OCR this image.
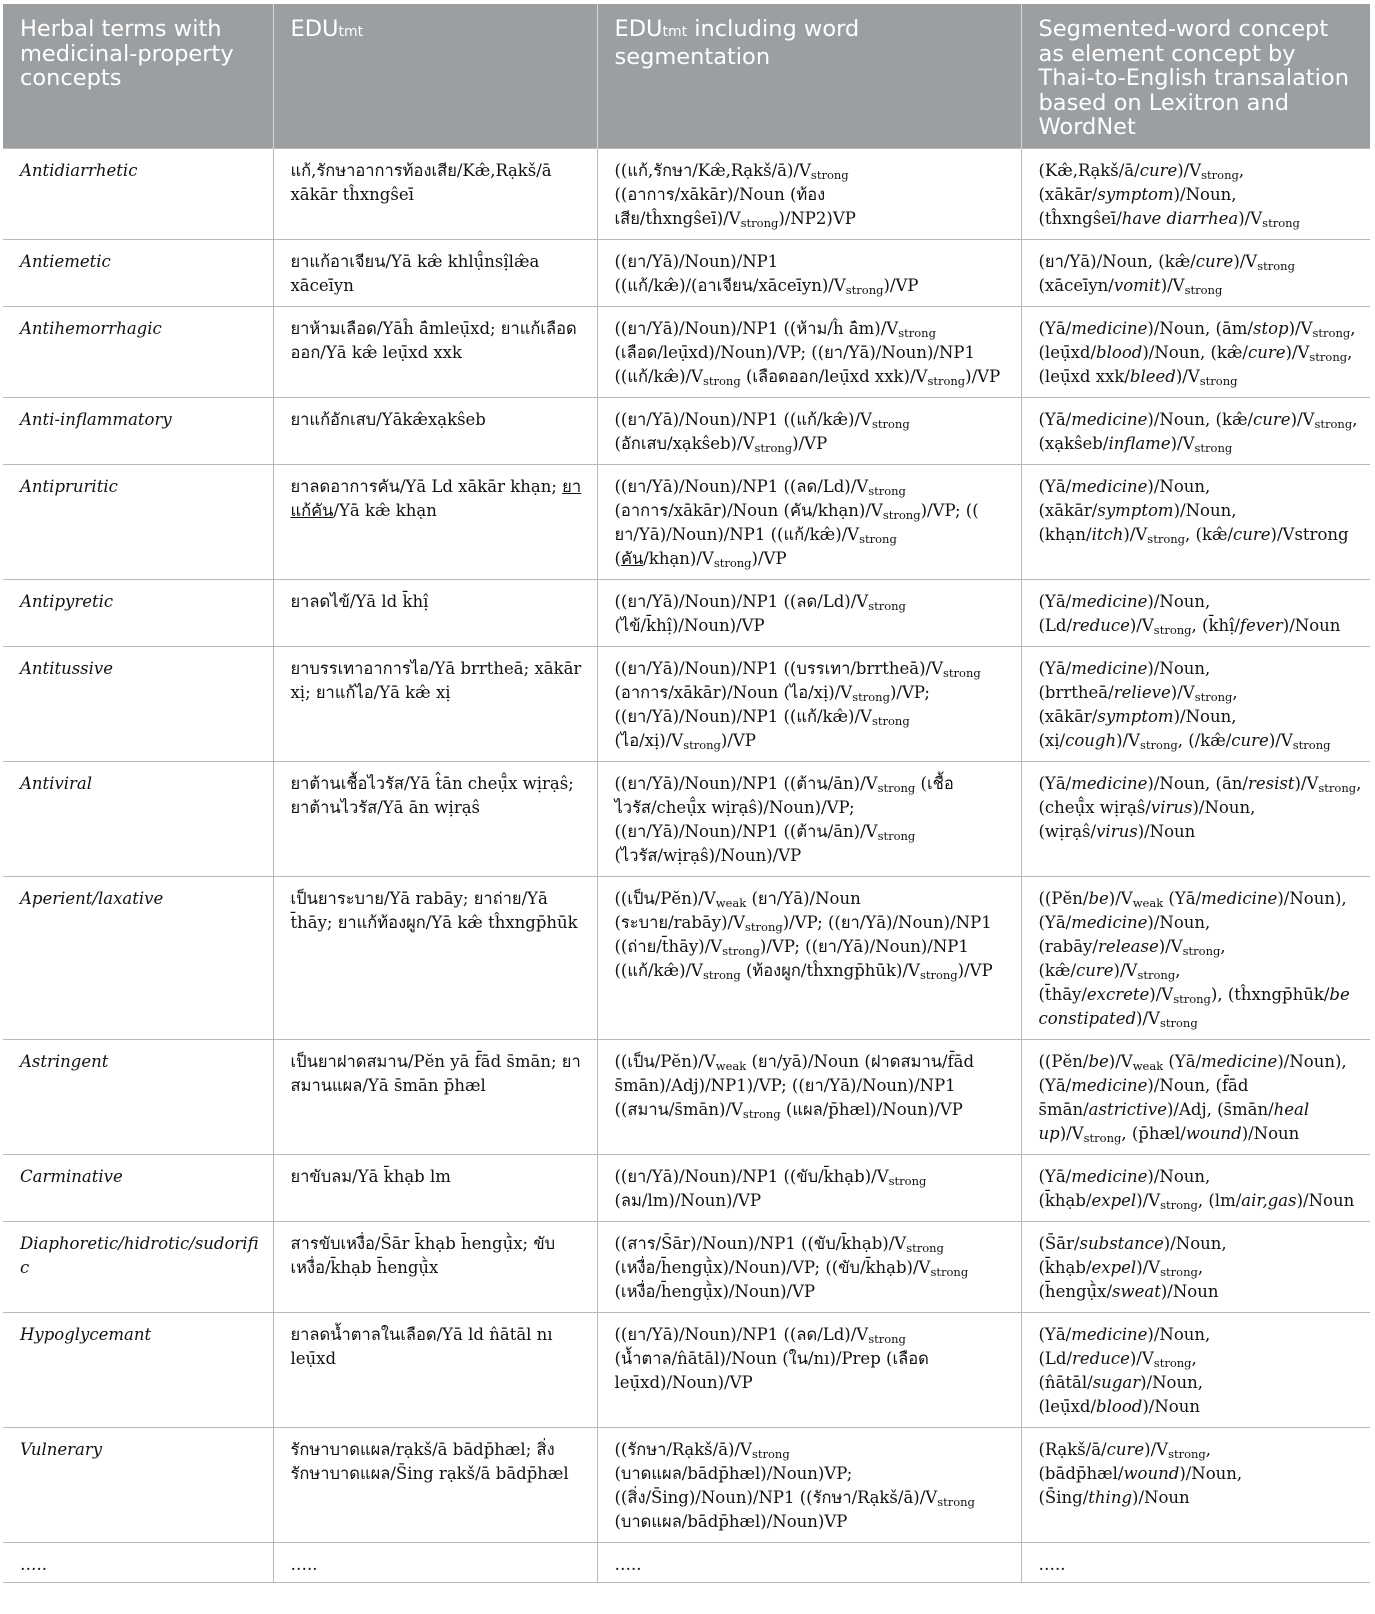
Herbal terms with medicinal-property concepts	EDUtmt	EDUtmt including word segmentation	Segmented-word concept as element concept by Thai-to-English transalation based on Lexitron and WordNet
Antidiarrhetic	แก้,รักษาอาการท้องเสีย/Kæ̂,Rạkš/ā xākār tĥxngŝeī	((แก้,รักษา$/Kæ̂,Rạkš/ā)/V_{strong}$ ((อาการ/xākār)/Noun (ท้องเสีย$/tĥxngŝeī)/V_{strong})/NP2)VP$	$(Kæ̂,Rạkš/ā/cure)/V_{strong}$, (xākār/symptom)/Noun, (tĥxngŝeī/have $diarrhea)/V_{strong}$
Antiemetic	ยาแก้อาเจียน/Yā kæ̂ khlụ̄̂nsị̂læ̂a xāceīyn	((ยา/Yā)/Noun)/NP1 ((แก้/kæ̂)/(อาเจียน$/xāceīyn)/V_{strong})/VP$	(ยา/Yā)/Noun, $(kæ̂/cure)/V_{strong}$ $(xāceīyn/vomit)/V_{strong}$
Antihemorrhagic	ยาห้ามเลือด/Yāĥ ā̂mleụ̄xd; ยาแก้เลือดออก/Yā kæ̂ leụ̄xd xxk	((ยา/Yā)/Noun)/NP1 ((ห้าม/ĥ $ā̂m)/V_{strong}$ (เลือด/leụ̄xd)/Noun)/VP; ((ยา/Yā)/Noun)/NP1 ((แก้$/kæ̂)/V_{strong}$ (เลือดออก/leụ̄xd $xxk)/V_{strong})/VP$	(Yā/medicine)/Noun, $(ām/stop)/V_{strong}$, (leụ̄xd/blood)/Noun, $(kæ̂/cure)/V_{strong}$, (leụ̄xd xxk/$bleed)/V_{strong}$
Anti-inflammatory	ยาแก้อักเสบ/Yākæ̂xạkŝeb	((ยา/Yā)/Noun)/NP1 ((แก้$/kæ̂)/V_{strong}$ (อักเสบ$/xạkŝeb)/V_{strong})/VP$	(Yā/medicine)/Noun, $(kæ̂/cure)/V_{strong}$, $(xạkŝeb/inflame)/V_{strong}$
Antipruritic	ยาลดอาการคัน/Yā Ld xākār khạn; ยาแก้คัน/Yā kæ̂ khạn	((ยา/Yā)/Noun)/NP1 ((ลด$/Ld)/V_{strong}$ (อาการ/xākār)/Noun (คัน$/khạn)/V_{strong})/VP$; (( ยา/Yā)/Noun)/NP1 ((แก้$/kæ̂)/V_{strong}$ (คัน$/khạn)/V_{strong})/VP$	(Yā/medicine)/Noun, (xākār/symptom)/Noun, $(khạn/itch)/V_{strong}$, (kæ̂/cure)/Vstrong
Antipyretic	ยาลดไข้/Yā ld k̄hị̂	((ยา/Yā)/Noun)/NP1 ((ลด$/Ld)/V_{strong}$ (ไข้/k̄hị̂)/Noun)/VP	(Yā/medicine)/Noun, $(Ld/reduce)/V_{strong}$, (k̄hị̂/fever)/Noun
Antitussive	ยาบรรเทาอาการไอ/Yā brrtheā; xākār xị; ยาแก้ไอ/Yā kæ̂ xị	((ยา/Yā)/Noun)/NP1 ((บรรเทา$/brrtheā)/V_{strong}$ (อาการ/xākār)/Noun (ไอ$/xị)/V_{strong})/VP$; ((ยา/Yā)/Noun)/NP1 ((แก้$/kæ̂)/V_{strong}$ (ไอ$/xị)/V_{strong})/VP$	(Yā/medicine)/Noun, $(brrtheā/relieve)/V_{strong}$, (xākār/symptom)/Noun, $(xị/cough)/V_{strong}$, $(/kæ̂/cure)/V_{strong}$
Antiviral	ยาต้านเชื้อไวรัส/Yā t̂ān cheụ̄̂x wịrạŝ; ยาต้านไวรัส/Yā ān wịrạŝ	((ยา/Yā)/Noun)/NP1 ((ต้าน$/ān)/V_{strong}$ (เชื้อไวรัส/cheụ̄̂x wịrạŝ)/Noun)/VP; ((ยา/Yā)/Noun)/NP1 ((ต้าน$/ān)/V_{strong}$ (ไวรัส/wịrạŝ)/Noun)/VP	(Yā/medicine)/Noun, $(ān/resist)/V_{strong}$, (cheụ̄̂x wịrạŝ/virus)/Noun, (wịrạŝ/virus)/Noun
Aperient/laxative	เป็นยาระบาย/Yā rabāy; ยาถ่าย/Yā t̄hāy; ยาแก้ท้องผูก/Yā kæ̂ tĥxngp̄hūk	((เป็น$/Pĕn)/V_{weak}$ (ยา/Yā)/Noun (ระบาย$/rabāy)/V_{strong})/VP$; ((ยา/Yā)/Noun)/NP1 ((ถ่าย$/t̄hāy)/V_{strong})/VP$; ((ยา/Yā)/Noun)/NP1 ((แก้$/kæ̂)/V_{strong}$ (ท้องผูก$/tĥxngp̄hūk)/V_{strong})/VP$	($(Pĕn/be)/V_{weak}$ (Yā/medicine)/Noun), (Yā/medicine)/Noun, $(rabāy/release)/V_{strong}$, $(kæ̂/cure)/V_{strong}$, $(t̄hāy/excrete)/V_{strong}$), (tĥxngp̄hūk/be $constipated)/V_{strong}$
Astringent	เป็นยาฝาดสมาน/Pĕn yā f̄ād s̄mān; ยาสมานแผล/Yā s̄mān p̄hæl	((เป็น$/Pĕn)/V_{weak}$ (ยา/yā)/Noun (ฝาดสมาน/f̄ād s̄mān)/Adj)/NP1)/VP; ((ยา/Yā)/Noun)/NP1 ((สมาน$/s̄mān)/V_{strong}$ (แผล/p̄hæl)/Noun)/VP	($(Pĕn/be)/V_{weak}$ (Yā/medicine)/Noun), (Yā/medicine)/Noun, (f̄ād s̄mān/astrictive)/Adj, (s̄mān/heal $up)/V_{strong}$, (p̄hæl/wound)/Noun
Carminative	ยาขับลม/Yā k̄hạb lm	((ยา/Yā)/Noun)/NP1 ((ขับ$/k̄hạb)/V_{strong}$ (ลม/lm)/Noun)/VP	(Yā/medicine)/Noun, $(k̄hạb/expel)/V_{strong}$, (lm/air,gas)/Noun
Diaphoretic/hidrotic/sudorific	สารขับเหงื่อ/S̄ār k̄hạb h̄engụ̄̀x; ขับเหงื่อ/k̄hạb h̄engụ̄̀x	((สาร/S̄ār)/Noun)/NP1 ((ขับ$/k̄hạb)/V_{strong}$ (เหงื่อ/h̄engụ̄̀x)/Noun)/VP; ((ขับ$/k̄hạb)/V_{strong}$ (เหงื่อ/h̄engụ̄̀x)/Noun)/VP	(S̄ār/substance)/Noun, $(k̄hạb/expel)/V_{strong}$, (h̄engụ̄̀x/sweat)/Noun
Hypoglycemant	ยาลดน้ำตาลในเลือด/Yā ld n̂ātāl nı leụ̄xd	((ยา/Yā)/Noun)/NP1 ((ลด$/Ld)/V_{strong}$ (น้ำตาล/n̂ātāl)/Noun (ใน/nı)/Prep (เลือด leụ̄xd)/Noun)/VP	(Yā/medicine)/Noun, $(Ld/reduce)/V_{strong}$, (n̂ātāl/sugar)/Noun, (leụ̄xd/blood)/Noun
Vulnerary	รักษาบาดแผล/rạkš/ā bādp̄hæl; สิ่งรักษาบาดแผล/S̄ing rạkš/ā bādp̄hæl	((รักษา$/Rạkš/ā)/V_{strong}$ (บาดแผล/bādp̄hæl)/Noun)VP; ((สิ่ง/S̄ing)/Noun)/NP1 ((รักษา$/Rạkš/ā)/V_{strong}$ (บาดแผล/bādp̄hæl)/Noun)VP	$(Rạkš/ā/cure)/V_{strong}$, (bādp̄hæl/wound)/Noun, (S̄ing/thing)/Noun
…..	…..	…..	…..
